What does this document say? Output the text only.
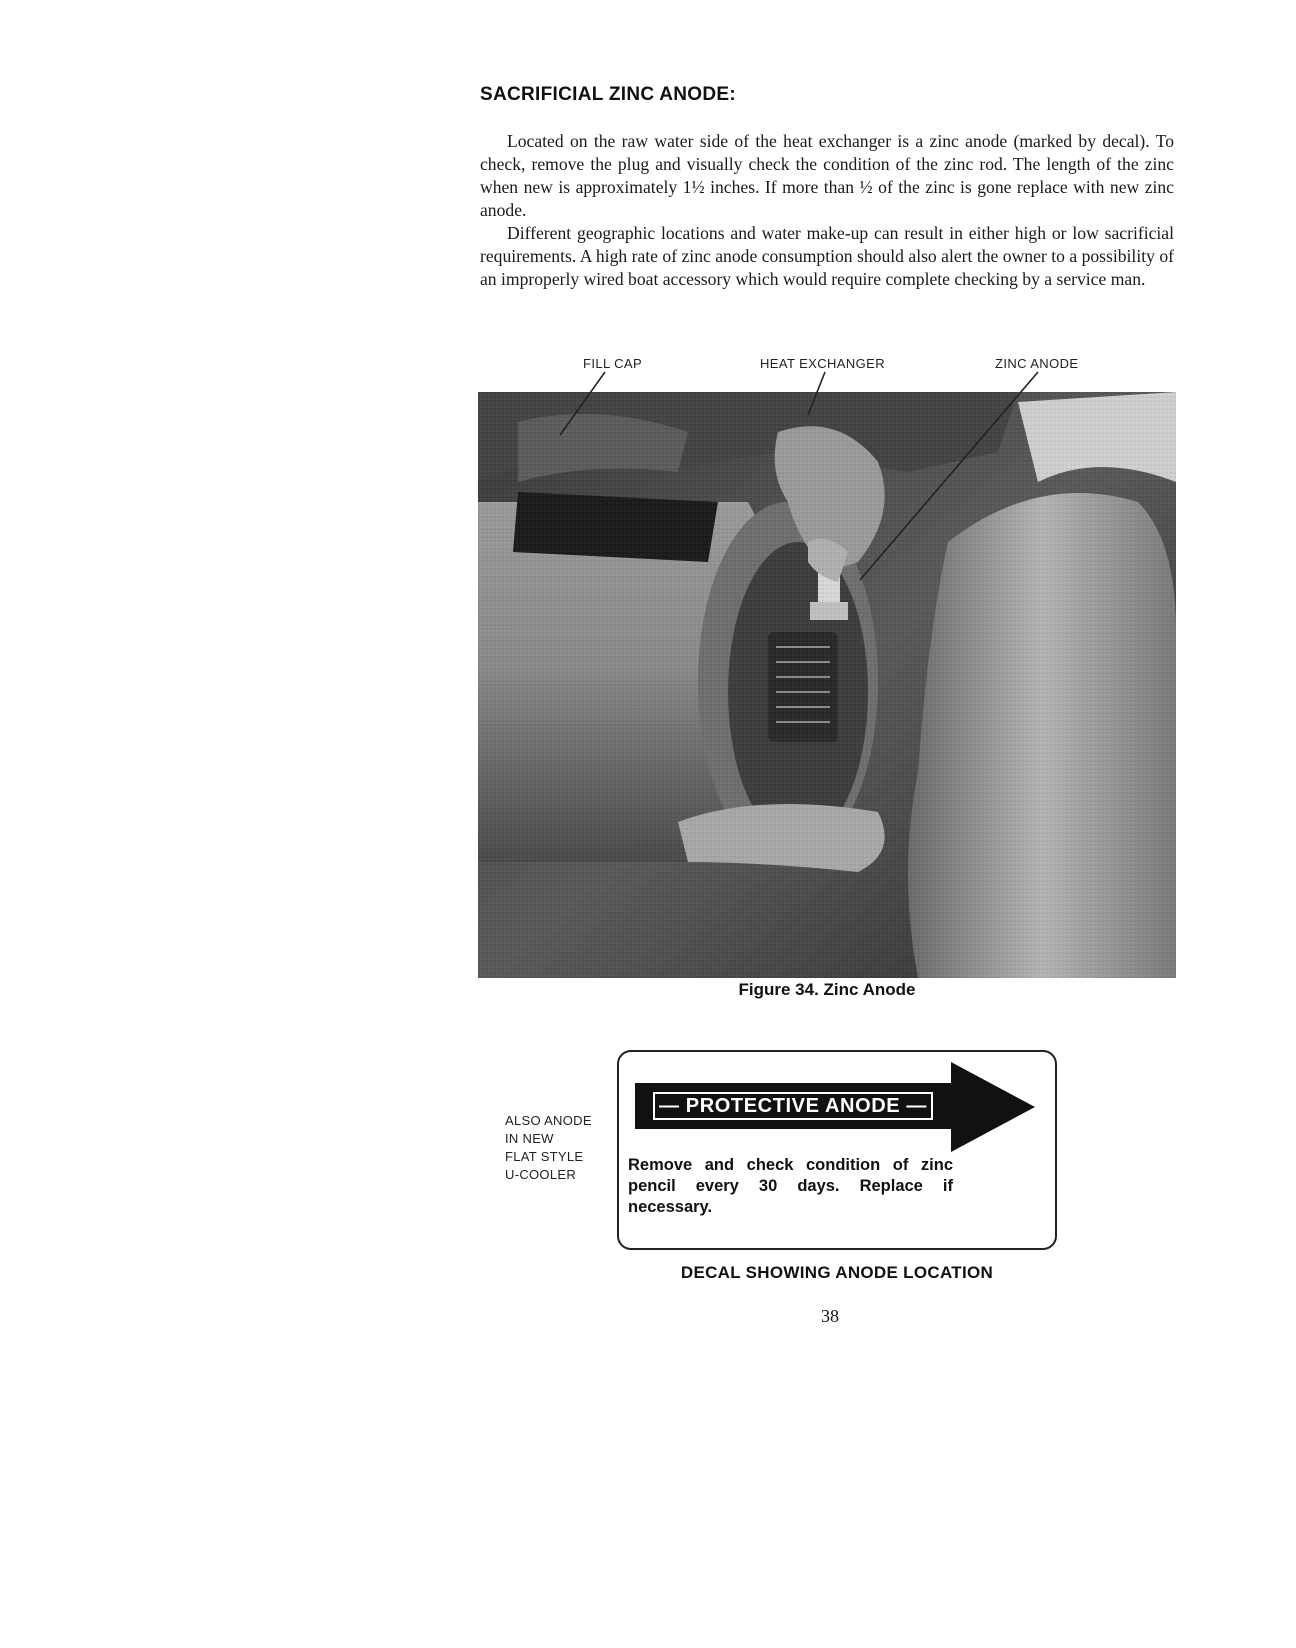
SACRIFICIAL ZINC ANODE:

Located on the raw water side of the heat exchanger is a zinc anode (marked by decal). To check, remove the plug and visually check the condition of the zinc rod. The length of the zinc when new is approximately 1½ inches. If more than ½ of the zinc is gone replace with new zinc anode.

Different geographic locations and water make-up can result in either high or low sacrificial requirements. A high rate of zinc anode consumption should also alert the owner to a possibility of an improperly wired boat accessory which would require complete checking by a service man.

FILL CAP	HEAT EXCHANGER	ZINC ANODE
Figure 34. Zinc Anode
ALSO ANODE
IN NEW
FLAT STYLE
U-COOLER
— PROTECTIVE ANODE —
Remove and check condition of zinc pencil every 30 days. Replace if necessary.
DECAL SHOWING ANODE LOCATION
38
